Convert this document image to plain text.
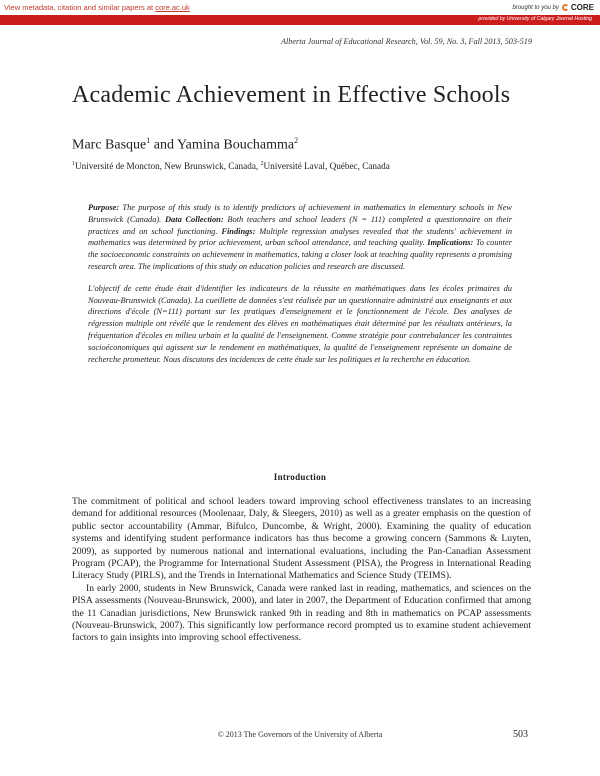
View metadata, citation and similar papers at core.ac.uk	brought to you by CORE
provided by University of Calgary Journal Hosting
Alberta Journal of Educational Research, Vol. 59, No. 3, Fall 2013, 503-519
Academic Achievement in Effective Schools
Marc Basque$^1$ and Yamina Bouchamma$^2$
$^1$Université de Moncton, New Brunswick, Canada, $^2$Université Laval, Québec, Canada

Purpose: The purpose of this study is to identify predictors of achievement in mathematics in elementary schools in New Brunswick (Canada). Data Collection: Both teachers and school leaders (N = 111) completed a questionnaire on their practices and on school functioning. Findings: Multiple regression analyses revealed that the students' achievement in mathematics was determined by prior achievement, urban school attendance, and teaching quality. Implications: To counter the socioeconomic constraints on achievement in mathematics, taking a closer look at teaching quality represents a promising research area. The implications of this study on education policies and research are discussed.

L'objectif de cette étude était d'identifier les indicateurs de la réussite en mathématiques dans les écoles primaires du Nouveau-Brunswick (Canada). La cueillette de données s'est réalisée par un questionnaire administré aux enseignants et aux directions d'école (N=111) portant sur les pratiques d'enseignement et le fonctionnement de l'école. Des analyses de régression multiple ont révélé que le rendement des élèves en mathématiques était déterminé par les résultats antérieurs, la fréquentation d'écoles en milieu urbain et la qualité de l'enseignement. Comme stratégie pour contrebalancer les contraintes socioéconomiques qui agissent sur le rendement en mathématiques, la qualité de l'enseignement représente un domaine de recherche prometteur. Nous discutons des incidences de cette étude sur les politiques et la recherche en éducation.

Introduction

The commitment of political and school leaders toward improving school effectiveness translates to an increasing demand for additional resources (Moolenaar, Daly, & Sleegers, 2010) as well as a greater emphasis on the question of public sector accountability (Ammar, Bifulco, Duncombe, & Wright, 2000). Examining the quality of education systems and identifying student performance indicators has thus become a growing concern (Sammons & Luyten, 2009), as supported by numerous national and international evaluations, including the Pan-Canadian Assessment Program (PCAP), the Programme for International Student Assessment (PISA), the Progress in International Reading Literacy Study (PIRLS), and the Trends in International Mathematics and Science Study (TEIMS).

In early 2000, students in New Brunswick, Canada were ranked last in reading, mathematics, and sciences on the PISA assessments (Nouveau-Brunswick, 2000), and later in 2007, the Department of Education confirmed that among the 11 Canadian jurisdictions, New Brunswick ranked 9th in reading and 8th in mathematics on PCAP assessments (Nouveau-Brunswick, 2007). This significantly low performance record prompted us to examine student achievement factors to gain insights into improving school effectiveness.

© 2013 The Governors of the University of Alberta	503
